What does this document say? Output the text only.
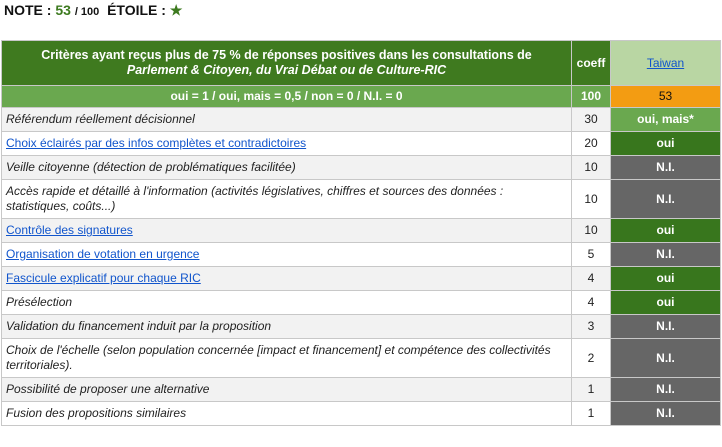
NOTE : 53 / 100 ÉTOILE : ★
Critères ayant reçus plus de 75 % de réponses positives dans les consultations de
Parlement & Citoyen, du Vrai Débat ou de Culture-RIC	coeff	Taiwan
oui = 1 / oui, mais = 0,5 / non = 0 / N.I. = 0	100	53
Référendum réellement décisionnel	30	oui, mais*
Choix éclairés par des infos complètes et contradictoires	20	oui
Veille citoyenne (détection de problématiques facilitée)	10	N.I.
Accès rapide et détaillé à l'information (activités législatives, chiffres et sources des données : statistiques, coûts...)	10	N.I.
Contrôle des signatures	10	oui
Organisation de votation en urgence	5	N.I.
Fascicule explicatif pour chaque RIC	4	oui
Présélection	4	oui
Validation du financement induit par la proposition	3	N.I.
Choix de l'échelle (selon population concernée [impact et financement] et compétence des collectivités territoriales).	2	N.I.
Possibilité de proposer une alternative	1	N.I.
Fusion des propositions similaires	1	N.I.
